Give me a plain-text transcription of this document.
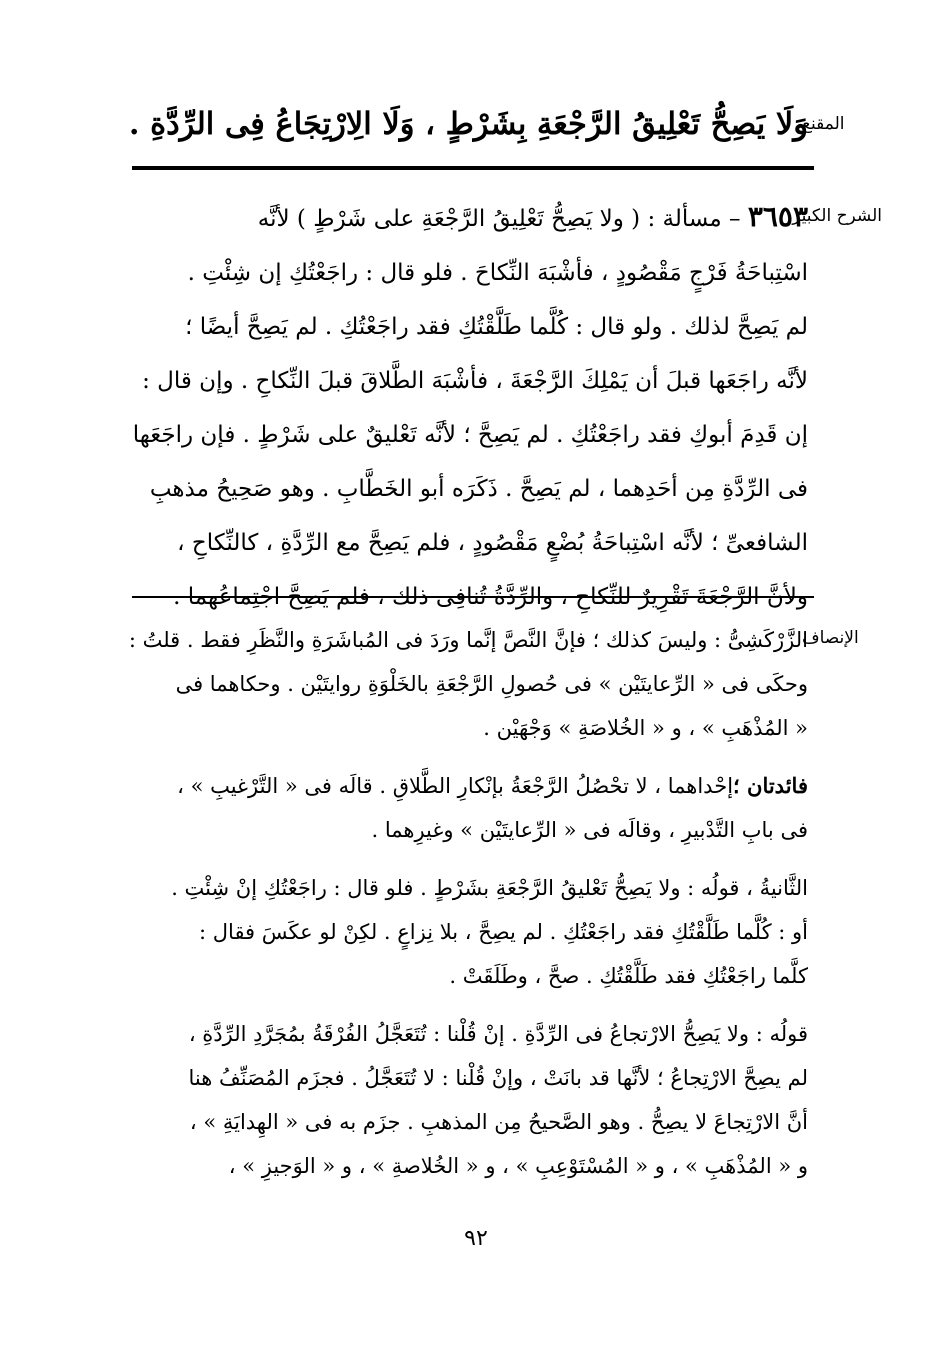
المقنع
وَلَا يَصِحُّ تَعْلِيقُ الرَّجْعَةِ بِشَرْطٍ ، وَلَا الِارْتِجَاعُ فِى الرِّدَّةِ .
الشرح الكبير
٣٦٥٣ – مسألة : ( ولا يَصِحُّ تَعْلِيقُ الرَّجْعَةِ على شَرْطٍ ) لأنَّه
اسْتِباحَةُ فَرْجٍ مَقْصُودٍ ، فأشْبَهَ النِّكاحَ . فلو قال : راجَعْتُكِ إن شِئْتِ .
لم يَصِحَّ لذلك . ولو قال : كُلَّما طَلَّقْتُكِ فقد راجَعْتُكِ . لم يَصِحَّ أيضًا ؛
لأنَّه راجَعَها قبلَ أن يَمْلِكَ الرَّجْعَةَ ، فأشْبَهَ الطَّلاقَ قبلَ النِّكاحِ . وإن قال :
إن قَدِمَ أبوكِ فقد راجَعْتُكِ . لم يَصِحَّ ؛ لأنَّه تَعْليقٌ على شَرْطٍ . فإن راجَعَها
فى الرِّدَّةِ مِن أحَدِهما ، لم يَصِحَّ . ذَكَرَه أبو الخَطَّابِ . وهو صَحِيحُ مذهبِ
الشافعىِّ ؛ لأنَّه اسْتِباحَةُ بُضْعٍ مَقْصُودٍ ، فلم يَصِحَّ مع الرِّدَّةِ ، كالنِّكاحِ ،
ولأنَّ الرَّجْعَةَ تَقْرِيرٌ للنِّكاحِ ، والرِّدَّةُ تُنافِى ذلك ، فلم يَصِحَّ اجْتِماعُهما .
الإنصاف
الزَّرْكَشِىُّ : وليسَ كذلك ؛ فإنَّ النَّصَّ إنَّما ورَدَ فى المُباشَرَةِ والنَّظَرِ فقط . قلتُ :
وحكَى فى « الرِّعايتَيْن » فى حُصولِ الرَّجْعَةِ بالخَلْوَةِ روايتَيْن . وحكاهما فى
« المُذْهَبِ » ، و « الخُلاصَةِ » وَجْهَيْن .
فائدتان ؛إحْداهما ، لا تحْصُلُ الرَّجْعَةُ بإنْكارِ الطَّلاقِ . قالَه فى « التَّرْغيبِ » ،
فى بابِ التَّدْبيرِ ، وقالَه فى « الرِّعايتَيْن » وغيرِهما .
الثَّانيةُ ، قولُه : ولا يَصِحُّ تَعْليقُ الرَّجْعَةِ بشَرْطٍ . فلو قال : راجَعْتُكِ إنْ شِئْتِ .
أو : كُلَّما طَلَّقْتُكِ فقد راجَعْتُكِ . لم يصِحَّ ، بلا نِزاعٍ . لكِنْ لو عكَسَ فقال :
كلَّما راجَعْتُكِ فقد طَلَّقْتُكِ . صحَّ ، وطَلَقَتْ .
قولُه : ولا يَصِحُّ الارْتجاعُ فى الرِّدَّةِ . إنْ قُلْنا : تُتَعَجَّلُ الفُرْقَةُ بمُجَرَّدِ الرِّدَّةِ ،
لم يصِحَّ الارْتِجاعُ ؛ لأنَّها قد بانَتْ ، وإنْ قُلْنا : لا تُتَعَجَّلُ . فجزَم المُصَنِّفُ هنا
أنَّ الارْتِجاعَ لا يصِحُّ . وهو الصَّحيحُ مِن المذهبِ . جزَم به فى « الهِدايَةِ » ،
و « المُذْهَبِ » ، و « المُسْتَوْعِبِ » ، و « الخُلاصةِ » ، و « الوَجيزِ » ،
٩٢
